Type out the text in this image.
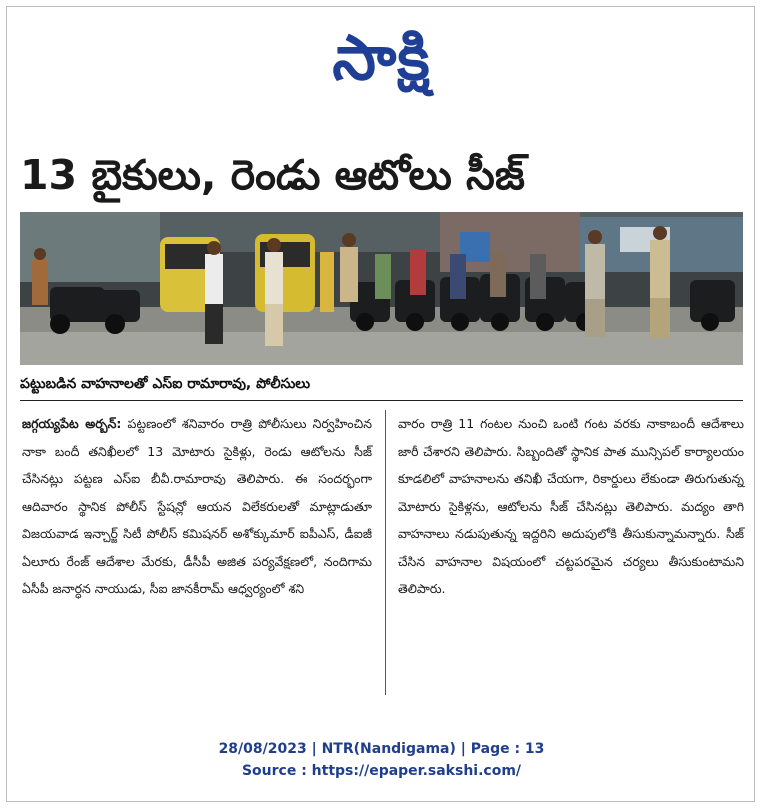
సాక్షి
13 బైకులు, రెండు ఆటోలు సీజ్
పట్టుబడిన వాహనాలతో ఎస్ఐ రామారావు, పోలీసులు
జగ్గయ్యపేట అర్బన్: పట్టణంలో శనివారం రాత్రి పోలీసులు నిర్వహించిన నాకా బందీ తనిఖీలలో 13 మోటారు సైకిళ్లు, రెండు ఆటోలను సీజ్ చేసినట్లు పట్టణ ఎస్ఐ బీవీ.రామారావు తెలిపారు. ఈ సందర్భంగా ఆదివారం స్థానిక పోలీస్ స్టేషన్లో ఆయన విలేకరులతో మాట్లాడుతూ విజయవాడ ఇన్చార్జ్ సిటీ పోలీస్ కమిషనర్ అశోక్కుమార్ ఐపీఎస్, డీఐజీ ఏలూరు రేంజ్ ఆదేశాల మేరకు, డీసీపీ అజిత పర్యవేక్షణలో, నందిగామ ఏసీపీ జనార్ధన నాయుడు, సీఐ జానకీరామ్ ఆధ్వర్యంలో శని
వారం రాత్రి 11 గంటల నుంచి ఒంటి గంట వరకు నాకాబందీ ఆదేశాలు జారీ చేశారని తెలిపారు. సిబ్బందితో స్థానిక పాత మున్సిపల్ కార్యాలయం కూడలిలో వాహనాలను తనిఖీ చేయగా, రికార్డులు లేకుండా తిరుగుతున్న మోటారు సైకిళ్లను, ఆటోలను సీజ్ చేసినట్లు తెలిపారు. మద్యం తాగి వాహనాలు నడుపుతున్న ఇద్దరిని అదుపులోకి తీసుకున్నామన్నారు. సీజ్ చేసిన వాహనాల విషయంలో చట్టపరమైన చర్యలు తీసుకుంటామని తెలిపారు.
28/08/2023 | NTR(Nandigama) | Page : 13
Source : https://epaper.sakshi.com/
